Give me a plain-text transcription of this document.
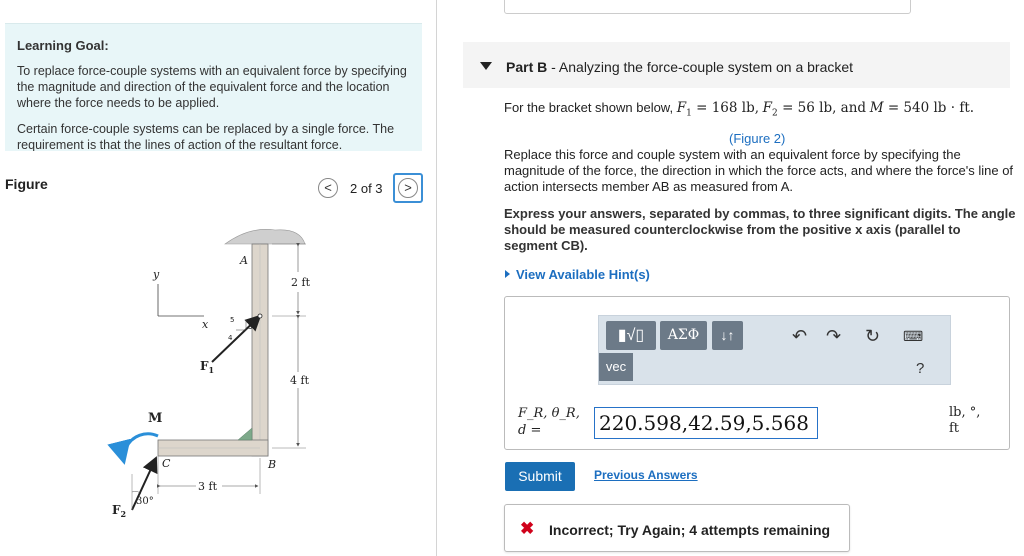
Learning Goal:

To replace force-couple systems with an equivalent force by specifying the magnitude and direction of the equivalent force and the location where the force needs to be applied.

Certain force-couple systems can be replaced by a single force. The requirement is that the lines of action of the resultant force.

Figure	<	2 of 3	>
A
B
C
y
x
2 ft
4 ft
3 ft
4
3
5
$F_1$
M
30°
$F_2$
Part B - Analyzing the force-couple system on a bracket
For the bracket shown below, $F_1 = 168$ lb, $F_2 = 56$ lb, and M = 540 lb · ft.
(Figure 2)
Replace this force and couple system with an equivalent force by specifying the magnitude of the force, the direction in which the force acts, and where the force's line of action intersects member AB as measured from A.
Express your answers, separated by commas, to three significant digits. The angle should be measured counterclockwise from the positive x axis (parallel to segment CB).
View Available Hint(s)
▮√▯	ΑΣΦ	↓↑
vec
↶ ↷ ↻ ⌨
?
F_R, θ_R,
d =	220.598,42.59,5.568	lb, °,
ft
Submit	Previous Answers
✖ Incorrect; Try Again; 4 attempts remaining
